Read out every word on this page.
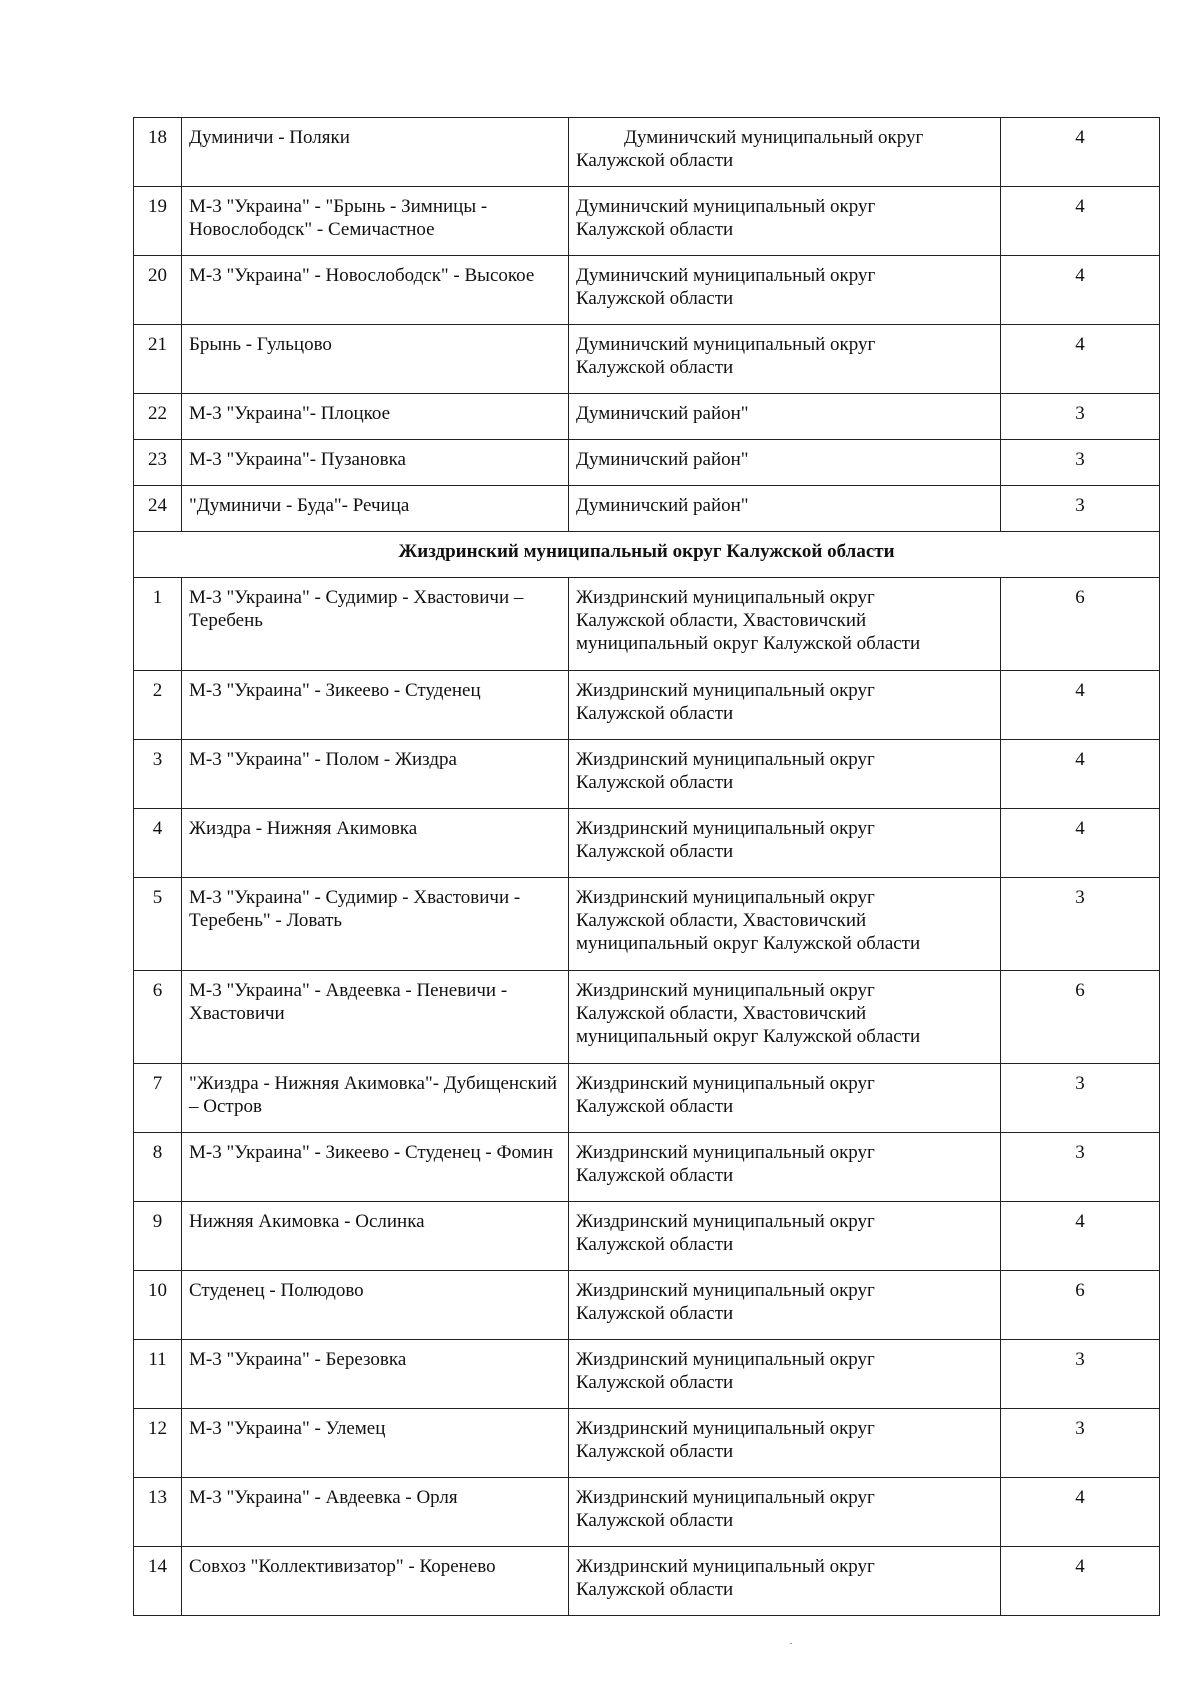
18	Думиничи - Поляки	Думиничский муниципальный округ
Калужской области	4
19	М-3 "Украина" - "Брынь - Зимницы - Новослободск" - Семичастное	Думиничский муниципальный округ
Калужской области	4
20	М-3 "Украина" - Новослободск" - Высокое	Думиничский муниципальный округ
Калужской области	4
21	Брынь - Гульцово	Думиничский муниципальный округ
Калужской области	4
22	М-3 "Украина"- Плоцкое	Думиничский район"	3
23	М-3 "Украина"- Пузановка	Думиничский район"	3
24	"Думиничи - Буда"- Речица	Думиничский район"	3
Жиздринский муниципальный округ Калужской области			
1	М-3 "Украина" - Судимир - Хвастовичи – Теребень	Жиздринский муниципальный округ
Калужской области, Хвастовичский
муниципальный округ Калужской области	6
2	М-3 "Украина" - Зикеево - Студенец	Жиздринский муниципальный округ
Калужской области	4
3	М-3 "Украина" - Полом - Жиздра	Жиздринский муниципальный округ
Калужской области	4
4	Жиздра - Нижняя Акимовка	Жиздринский муниципальный округ
Калужской области	4
5	М-3 "Украина" - Судимир - Хвастовичи - Теребень" - Ловать	Жиздринский муниципальный округ
Калужской области, Хвастовичский
муниципальный округ Калужской области	3
6	М-3 "Украина" - Авдеевка - Пеневичи - Хвастовичи	Жиздринский муниципальный округ
Калужской области, Хвастовичский
муниципальный округ Калужской области	6
7	"Жиздра - Нижняя Акимовка"- Дубищенский – Остров	Жиздринский муниципальный округ
Калужской области	3
8	М-3 "Украина" - Зикеево - Студенец - Фомин	Жиздринский муниципальный округ
Калужской области	3
9	Нижняя Акимовка - Ослинка	Жиздринский муниципальный округ
Калужской области	4
10	Студенец - Полюдово	Жиздринский муниципальный округ
Калужской области	6
11	М-3 "Украина" - Березовка	Жиздринский муниципальный округ
Калужской области	3
12	М-3 "Украина" - Улемец	Жиздринский муниципальный округ
Калужской области	3
13	М-3 "Украина" - Авдеевка - Орля	Жиздринский муниципальный округ
Калужской области	4
14	Совхоз "Коллективизатор" - Коренево	Жиздринский муниципальный округ
Калужской области	4
